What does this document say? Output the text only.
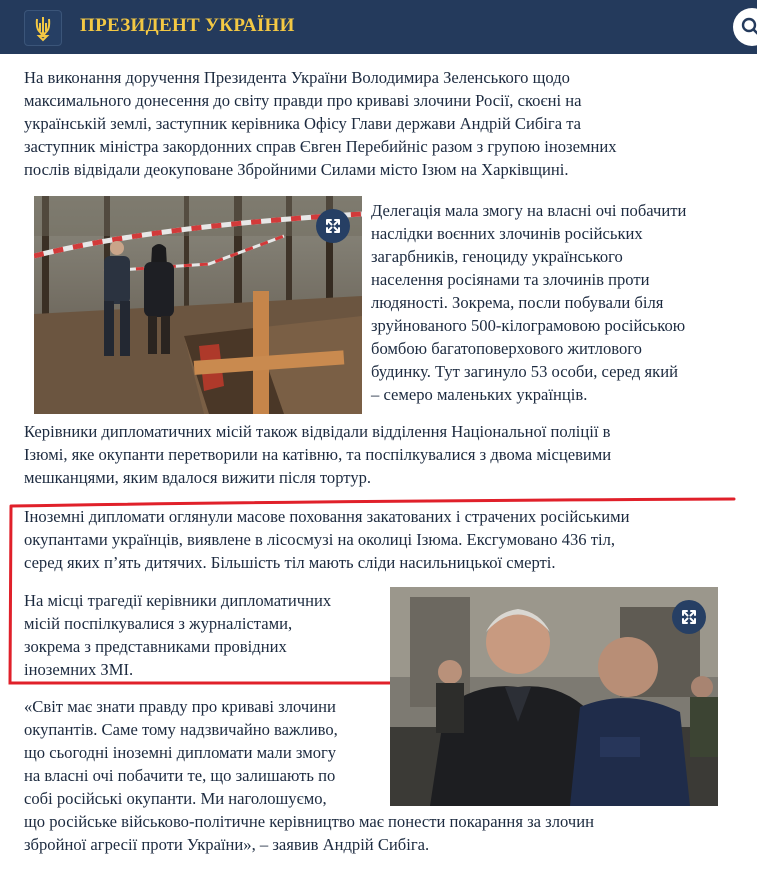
ПРЕЗИДЕНТ УКРАЇНИ

На виконання доручення Президента України Володимира Зеленського щодо

максимального донесення до світу правди про криваві злочини Росії, скоєні на

українській землі, заступник керівника Офісу Глави держави Андрій Сибіга та

заступник міністра закордонних справ Євген Перебийніс разом з групою іноземних

послів відвідали деокуповане Збройними Силами місто Ізюм на Харківщині.

Делегація мала змогу на власні очі побачити

наслідки воєнних злочинів російських

загарбників, геноциду українського

населення росіянами та злочинів проти

людяності. Зокрема, посли побували біля

зруйнованого 500-кілограмовою російською

бомбою багатоповерхового житлового

будинку. Тут загинуло 53 особи, серед який

– семеро маленьких українців.

Керівники дипломатичних місій також відвідали відділення Національної поліції в

Ізюмі, яке окупанти перетворили на катівню, та поспілкувалися з двома місцевими

мешканцями, яким вдалося вижити після тортур.

Іноземні дипломати оглянули масове поховання закатованих і страчених російськими

окупантами українців, виявлене в лісосмузі на околиці Ізюма. Ексгумовано 436 тіл,

серед яких п’ять дитячих. Більшість тіл мають сліди насильницької смерті.

На місці трагедії керівники дипломатичних

місій поспілкувалися з журналістами,

зокрема з представниками провідних

іноземних ЗМІ.

«Світ має знати правду про криваві злочини

окупантів. Саме тому надзвичайно важливо,

що сьогодні іноземні дипломати мали змогу

на власні очі побачити те, що залишають по

собі російські окупанти. Ми наголошуємо,

що російське військово-політичне керівництво має понести покарання за злочин

збройної агресії проти України», – заявив Андрій Сибіга.
